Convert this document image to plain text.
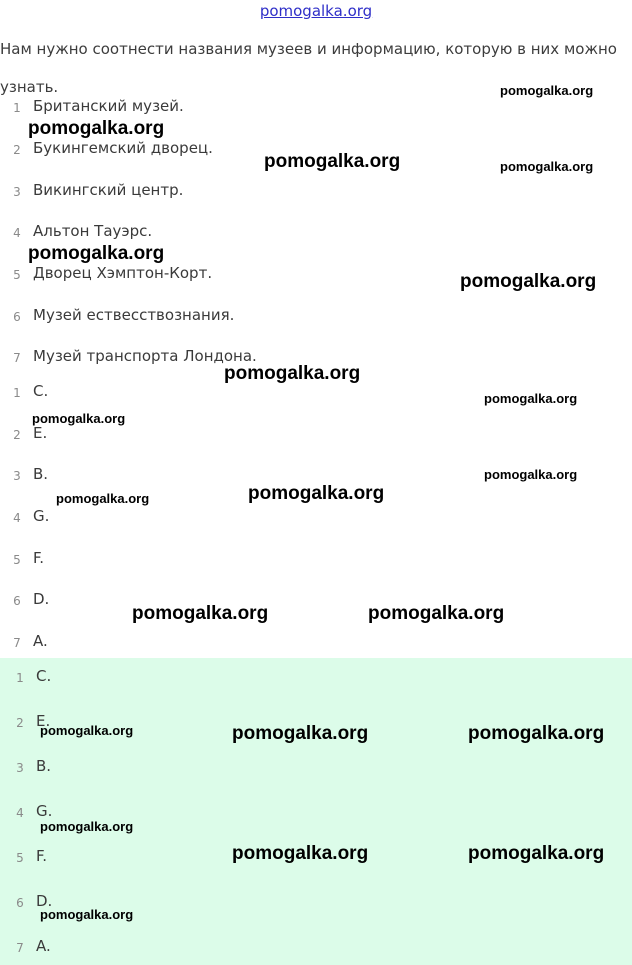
pomogalka.org
Нам нужно соотнести названия музеев и информацию, которую в них можно узнать.
1 Британский музей.
2 Букингемский дворец.
3 Викингский центр.
4 Альтон Тауэрс.
5 Дворец Хэмптон-Корт.
6 Музей ествесствознания.
7 Музей транспорта Лондона.
1 C.
2 E.
3 B.
4 G.
5 F.
6 D.
7 A.
1 C.
2 E.
3 B.
4 G.
5 F.
6 D.
7 A.
pomogalka.org
pomogalka.org
pomogalka.org	pomogalka.org
pomogalka.org
pomogalka.org
pomogalka.org
pomogalka.org
pomogalka.org
pomogalka.org
pomogalka.org
pomogalka.org
pomogalka.org	pomogalka.org
pomogalka.org	pomogalka.org	pomogalka.org
pomogalka.org
pomogalka.org	pomogalka.org
pomogalka.org
